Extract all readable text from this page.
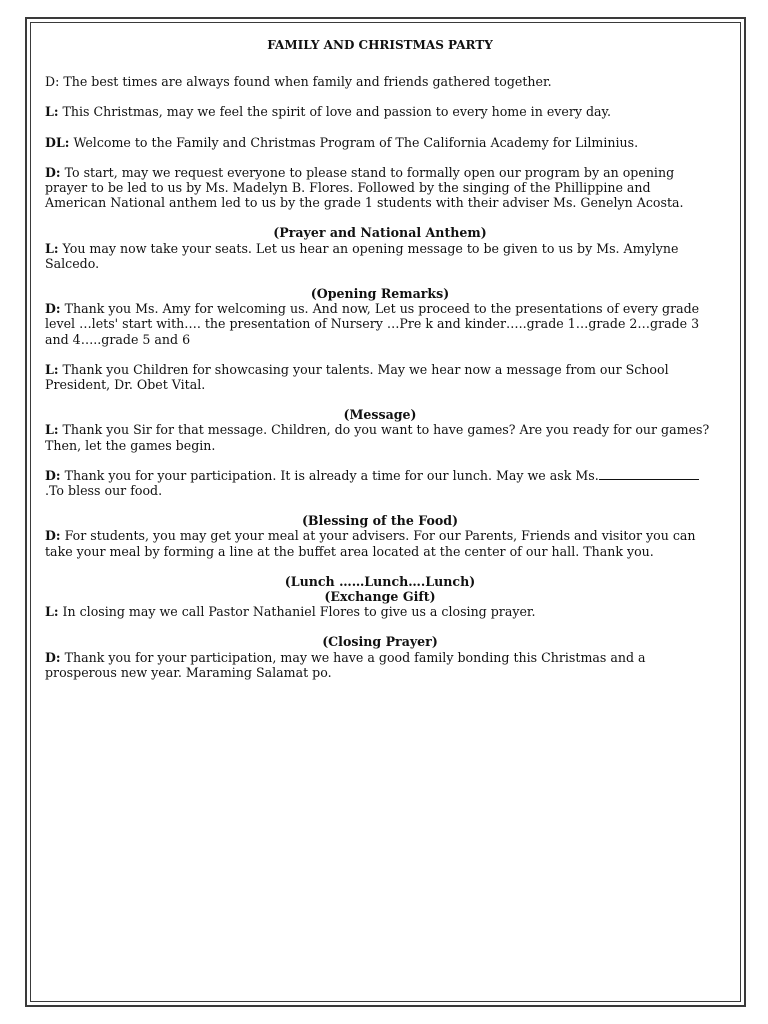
FAMILY AND CHRISTMAS PARTY

D: The best times are always found when family and friends gathered together.

L: This Christmas, may we feel the spirit of love and passion to every home in every day.

DL: Welcome to the Family and Christmas Program of The California Academy for Lilminius.

D: To start, may we request everyone to please stand to formally open our program by an opening prayer to be led to us by Ms. Madelyn B. Flores. Followed by the singing of the Phillippine and American National anthem led to us by the grade 1 students with their adviser Ms. Genelyn Acosta.

(Prayer and National Anthem)

L: You may now take your seats. Let us hear an opening message to be given to us by Ms. Amylyne Salcedo.

(Opening Remarks)

D: Thank you Ms. Amy for welcoming us. And now, Let us proceed to the presentations of every grade level …lets' start with…. the presentation of Nursery …Pre k and kinder…..grade 1…grade 2…grade 3 and 4…..grade 5 and 6

L: Thank you Children for showcasing your talents. May we hear now a message from our School President, Dr. Obet Vital.

(Message)

L: Thank you Sir for that message. Children, do you want to have games? Are you ready for our games? Then, let the games begin.

D: Thank you for your participation. It is already a time for our lunch. May we ask Ms..To bless our food.

(Blessing of the Food)

D: For students, you may get your meal at your advisers. For our Parents, Friends and visitor you can take your meal by forming a line at the buffet area located at the center of our hall. Thank you.

(Lunch ……Lunch….Lunch)

(Exchange Gift)

L: In closing may we call Pastor Nathaniel Flores to give us a closing prayer.

(Closing Prayer)

D: Thank you for your participation, may we have a good family bonding this Christmas and a prosperous new year. Maraming Salamat po.
